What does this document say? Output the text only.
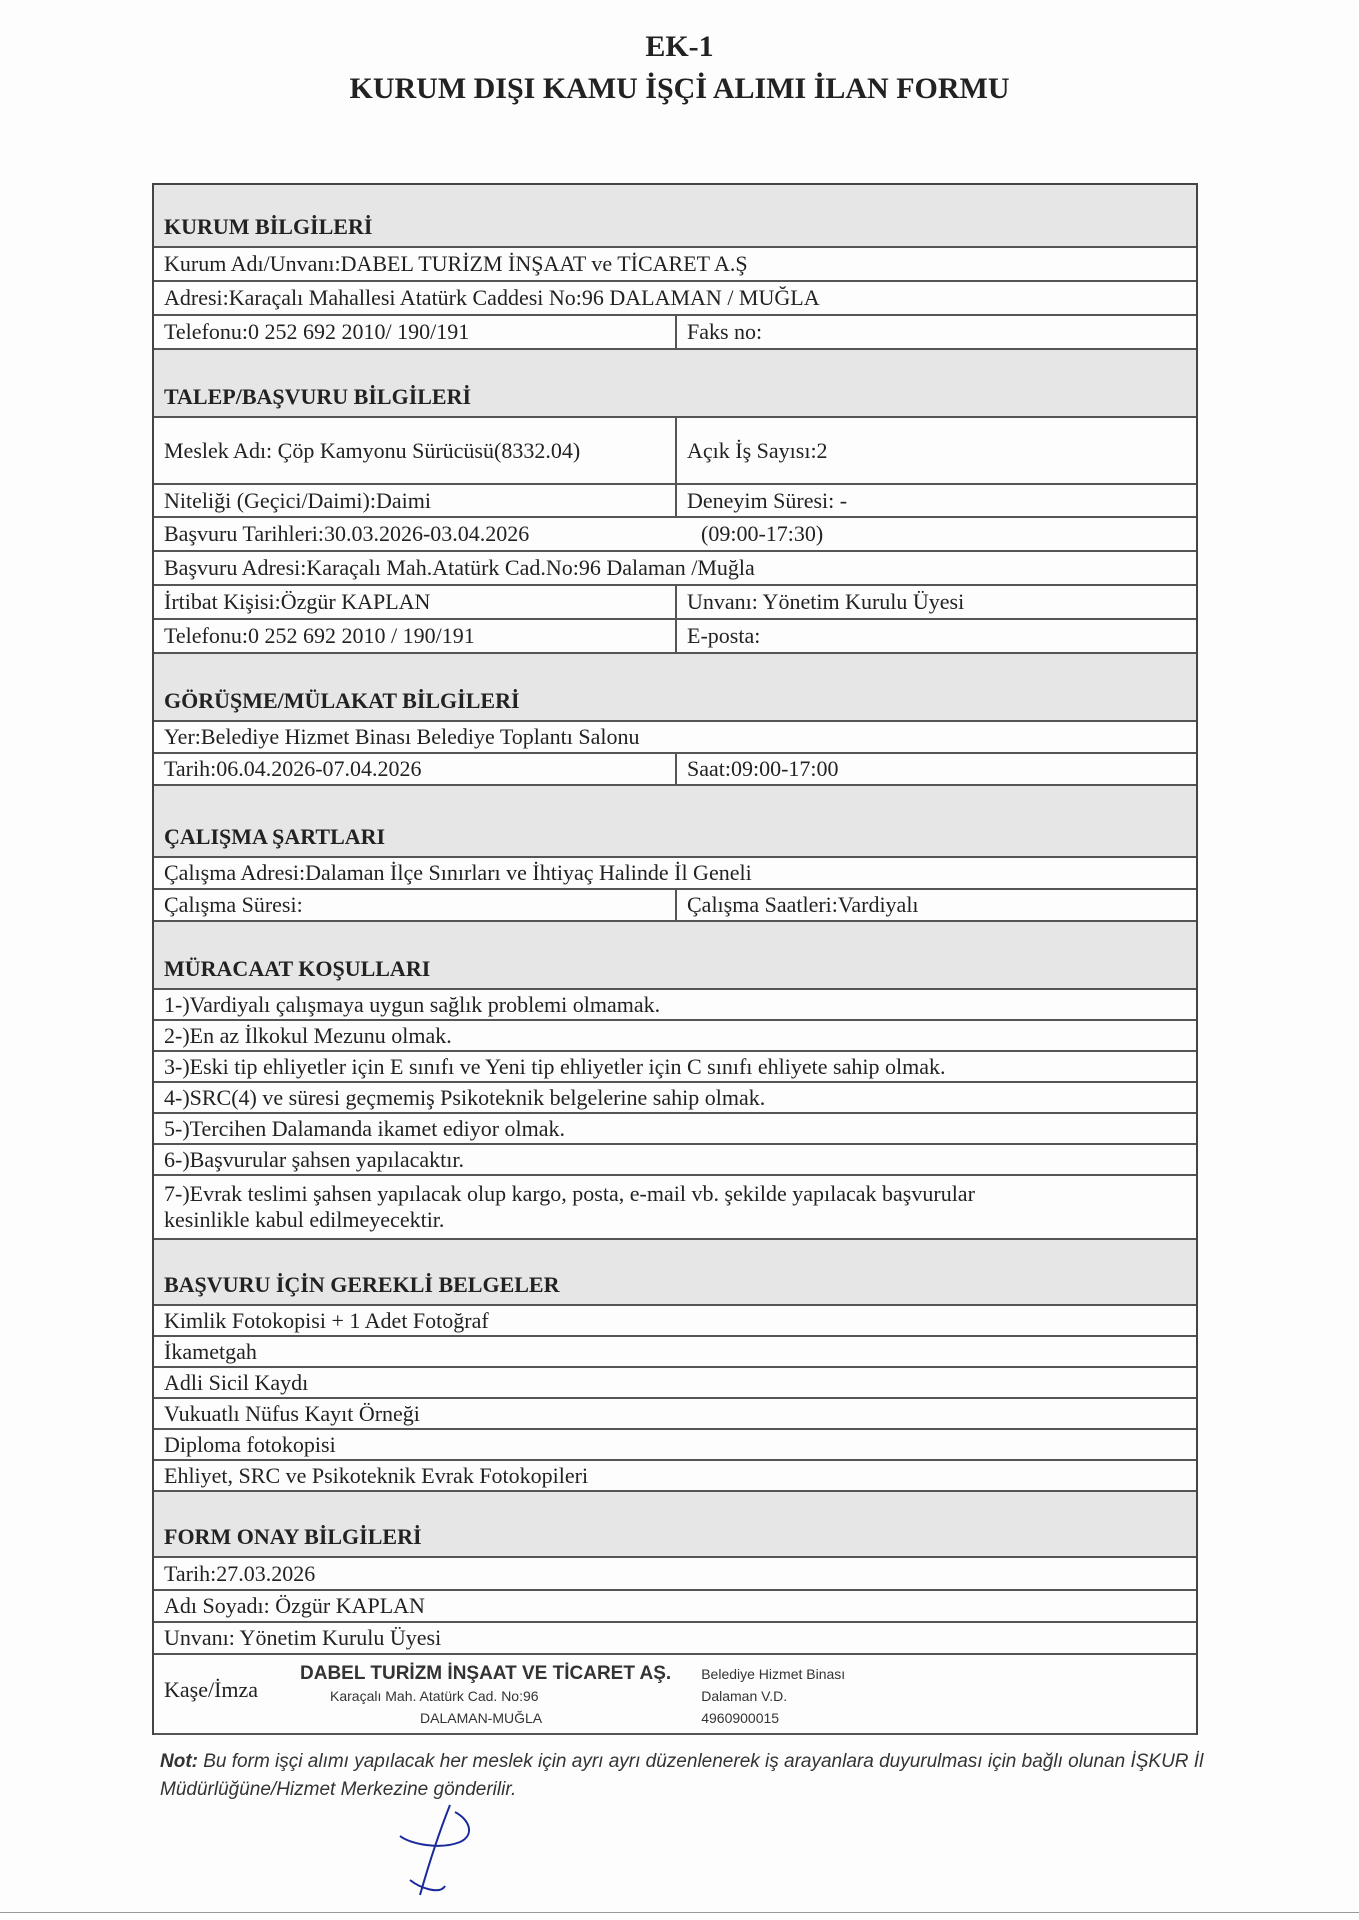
EK-1
KURUM DIŞI KAMU İŞÇİ ALIMI İLAN FORMU
KURUM BİLGİLERİ
Kurum Adı/Unvanı:DABEL TURİZM İNŞAAT ve TİCARET A.Ş
Adresi:Karaçalı Mahallesi Atatürk Caddesi No:96 DALAMAN / MUĞLA
Telefonu:0 252 692 2010/ 190/191	Faks no:
TALEP/BAŞVURU BİLGİLERİ
Meslek Adı: Çöp Kamyonu Sürücüsü(8332.04)	Açık İş Sayısı:2
Niteliği (Geçici/Daimi):Daimi	Deneyim Süresi: -
Başvuru Tarihleri:30.03.2026-03.04.2026	(09:00-17:30)
Başvuru Adresi:Karaçalı Mah.Atatürk Cad.No:96 Dalaman /Muğla
İrtibat Kişisi:Özgür KAPLAN	Unvanı: Yönetim Kurulu Üyesi
Telefonu:0 252 692 2010 / 190/191	E-posta:
GÖRÜŞME/MÜLAKAT BİLGİLERİ
Yer:Belediye Hizmet Binası Belediye Toplantı Salonu
Tarih:06.04.2026-07.04.2026	Saat:09:00-17:00
ÇALIŞMA ŞARTLARI
Çalışma Adresi:Dalaman İlçe Sınırları ve İhtiyaç Halinde İl Geneli
Çalışma Süresi:	Çalışma Saatleri:Vardiyalı
MÜRACAAT KOŞULLARI
1-)Vardiyalı çalışmaya uygun sağlık problemi olmamak.
2-)En az İlkokul Mezunu olmak.
3-)Eski tip ehliyetler için E sınıfı ve Yeni tip ehliyetler için C sınıfı ehliyete sahip olmak.
4-)SRC(4) ve süresi geçmemiş Psikoteknik belgelerine sahip olmak.
5-)Tercihen Dalamanda ikamet ediyor olmak.
6-)Başvurular şahsen yapılacaktır.
7-)Evrak teslimi şahsen yapılacak olup kargo, posta, e-mail vb. şekilde yapılacak başvurular kesinlikle kabul edilmeyecektir.
BAŞVURU İÇİN GEREKLİ BELGELER
Kimlik Fotokopisi + 1 Adet Fotoğraf
İkametgah
Adli Sicil Kaydı
Vukuatlı Nüfus Kayıt Örneği
Diploma fotokopisi
Ehliyet, SRC ve Psikoteknik Evrak Fotokopileri
FORM ONAY BİLGİLERİ
Tarih:27.03.2026
Adı Soyadı: Özgür KAPLAN
Unvanı: Yönetim Kurulu Üyesi
Kaşe/İmza
DABEL TURİZM İNŞAAT VE TİCARET AŞ.
Karaçalı Mah. Atatürk Cad. No:96
DALAMAN-MUĞLA
Belediye Hizmet Binası
Dalaman V.D.
4960900015
Not: Bu form işçi alımı yapılacak her meslek için ayrı ayrı düzenlenerek iş arayanlara duyurulması için bağlı olunan İŞKUR İl Müdürlüğüne/Hizmet Merkezine gönderilir.
